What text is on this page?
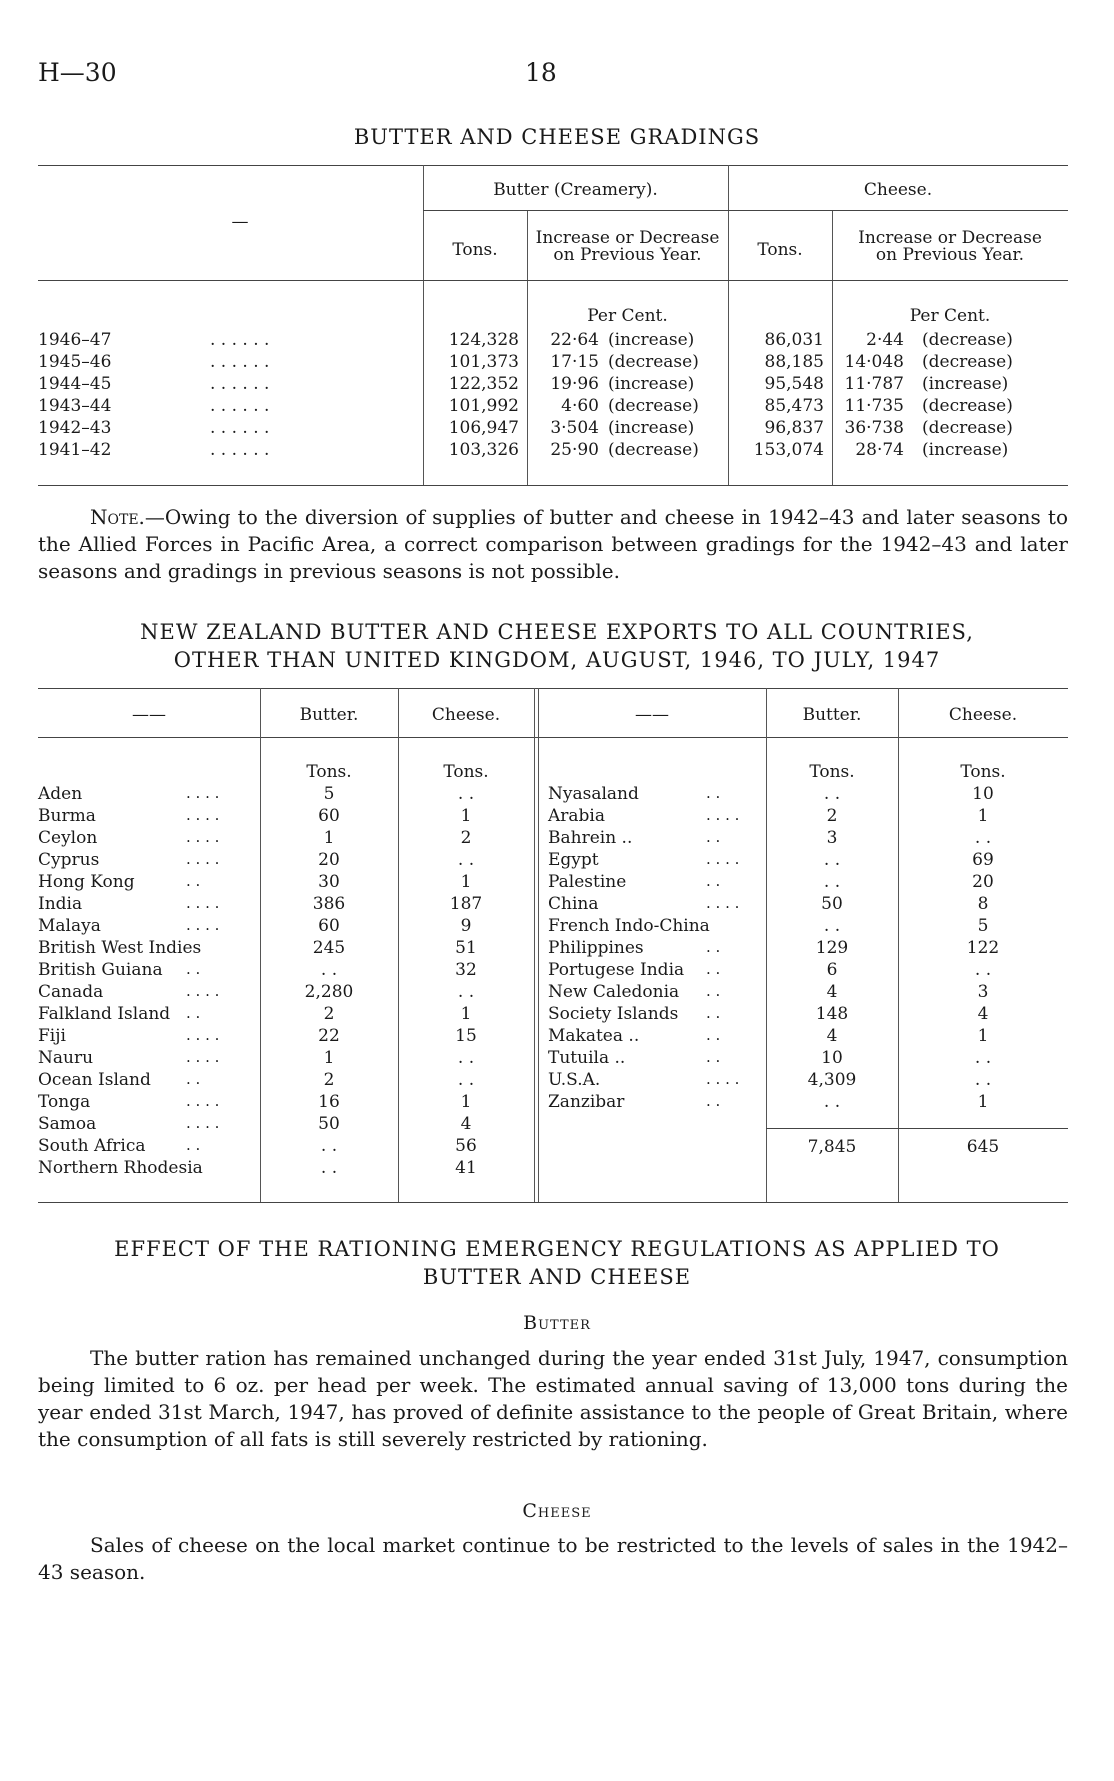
H—30	18
BUTTER AND CHEESE GRADINGS
—
Butter (Creamery).	Cheese.
Tons.
Increase or Decrease
on Previous Year.	Tons.
Increase or Decrease
on Previous Year.
Per Cent.	Per Cent.
1946–47	. . . . . .	124,328	22·64 (increase)	86,031	2·44 (decrease)
1945–46	. . . . . .	101,373	17·15 (decrease)	88,185	14·048 (decrease)
1944–45	. . . . . .	122,352	19·96 (increase)	95,548	11·787 (increase)
1943–44	. . . . . .	101,992	4·60 (decrease)	85,473	11·735 (decrease)
1942–43	. . . . . .	106,947	3·504 (increase)	96,837	36·738 (decrease)
1941–42	. . . . . .	103,326	25·90 (decrease)	153,074	28·74 (increase)
Note.—Owing to the diversion of supplies of butter and cheese in 1942–43 and later seasons to the Allied Forces in Pacific Area, a correct comparison between gradings for the 1942–43 and later seasons and gradings in previous seasons is not possible.
NEW ZEALAND BUTTER AND CHEESE EXPORTS TO ALL COUNTRIES,
OTHER THAN UNITED KINGDOM, AUGUST, 1946, TO JULY, 1947
——	Butter.	Cheese.	——	Butter.	Cheese.
Tons.	Tons.	Tons.	Tons.
Aden	. . . .	5	. .
Burma	. . . .	60	1
Ceylon	. . . .	1	2
Cyprus	. . . .	20	. .
Hong Kong	. .	30	1
India	. . . .	386	187
Malaya	. . . .	60	9
British West Indies	245	51
British Guiana . .	. .	32
Canada	. . . .	2,280	. .
Falkland Island . .	2	1
Fiji	. . . .	22	15
Nauru	. . . .	1	. .
Ocean Island . .	2	. .
Tonga	. . . .	16	1
Samoa	. . . .	50	4
South Africa	. .	. .	56
Northern Rhodesia	. .	41
Nyasaland	. .	. .	10
Arabia	. . . .	2	1
Bahrein ..	. .	3	. .
Egypt	. . . .	. .	69
Palestine	. .	. .	20
China	. . . .	50	8
French Indo-China	. .	5
Philippines	. .	129	122
Portugese India . .	6	. .
New Caledonia . .	4	3
Society Islands . .	148	4
Makatea ..	. .	4	1
Tutuila ..	. .	10	. .
U.S.A.	. . . .	4,309	. .
Zanzibar	. .	. .	1
7,845	645
EFFECT OF THE RATIONING EMERGENCY REGULATIONS AS APPLIED TO
BUTTER AND CHEESE
Butter
The butter ration has remained unchanged during the year ended 31st July, 1947, consumption being limited to 6 oz. per head per week. The estimated annual saving of 13,000 tons during the year ended 31st March, 1947, has proved of definite assistance to the people of Great Britain, where the consumption of all fats is still severely restricted by rationing.
Cheese
Sales of cheese on the local market continue to be restricted to the levels of sales in the 1942–43 season.
